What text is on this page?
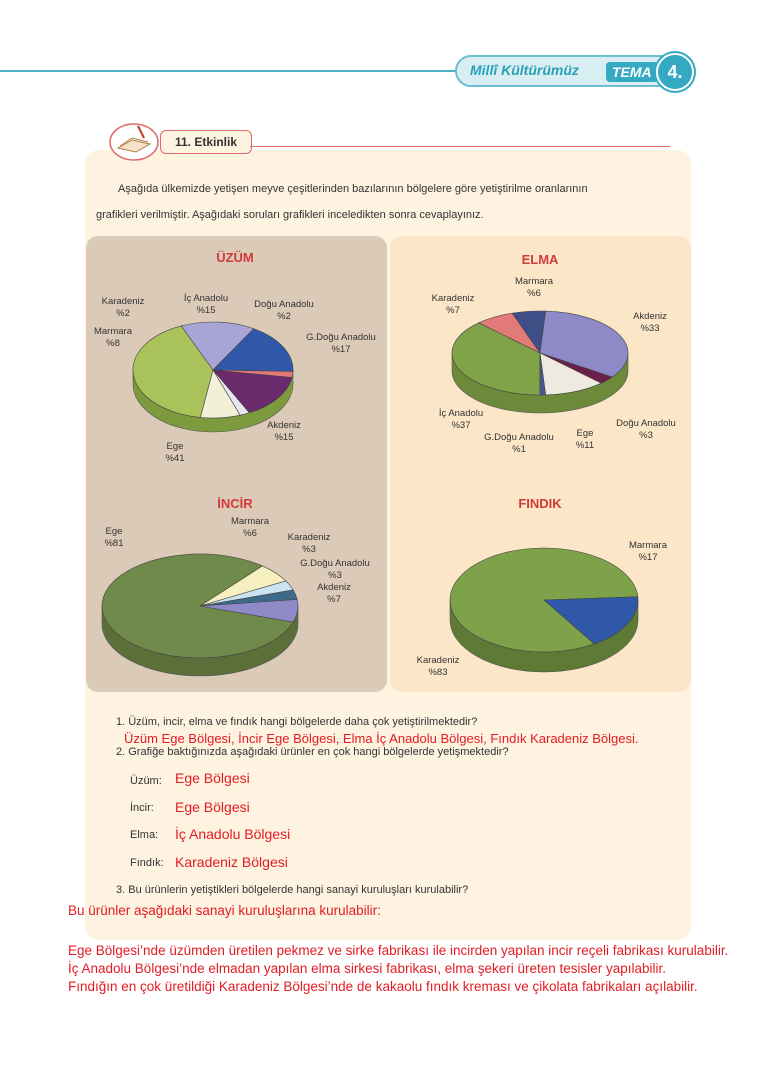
Millî Kültürümüz	TEMA 4.
11. Etkinlik
Aşağıda ülkemizde yetişen meyve çeşitlerinden bazılarının bölgelere göre yetiştirilme oranlarının
grafikleri verilmiştir. Aşağıdaki soruları grafikleri inceledikten sonra cevaplayınız.
ÜZÜM
Karadeniz
%2
İç Anadolu
%15
Doğu Anadolu
%2
Marmara
%8
G.Doğu Anadolu
%17
Akdeniz
%15
Ege
%41
ELMA
Marmara
%6
Karadeniz
%7
Akdeniz
%33
İç Anadolu
%37
Ege
%11
Doğu Anadolu
%3
G.Doğu Anadolu
%1
İNCİR
Ege
%81
Marmara
%6	Karadeniz
%3
G.Doğu Anadolu
%3
Akdeniz
%7
FINDIK
Marmara
%17
Karadeniz
%83
1. Üzüm, incir, elma ve fındık hangi bölgelerde daha çok yetiştirilmektedir?
Üzüm Ege Bölgesi, İncir Ege Bölgesi, Elma İç Anadolu Bölgesi, Fındık Karadeniz Bölgesi.
2. Grafiğe baktığınızda aşağıdaki ürünler en çok hangi bölgelerde yetişmektedir?
Üzüm: Ege Bölgesi
İncir: Ege Bölgesi
Elma: İç Anadolu Bölgesi
Fındık: Karadeniz Bölgesi
3. Bu ürünlerin yetiştikleri bölgelerde hangi sanayi kuruluşları kurulabilir?
Bu ürünler aşağıdaki sanayi kuruluşlarına kurulabilir:
Ege Bölgesi’nde üzümden üretilen pekmez ve sirke fabrikası ile incirden yapılan incir reçeli fabrikası kurulabilir.
İç Anadolu Bölgesi’nde elmadan yapılan elma sirkesi fabrikası, elma şekeri üreten tesisler yapılabilir.
Fındığın en çok üretildiği Karadeniz Bölgesi’nde de kakaolu fındık kreması ve çikolata fabrikaları açılabilir.
